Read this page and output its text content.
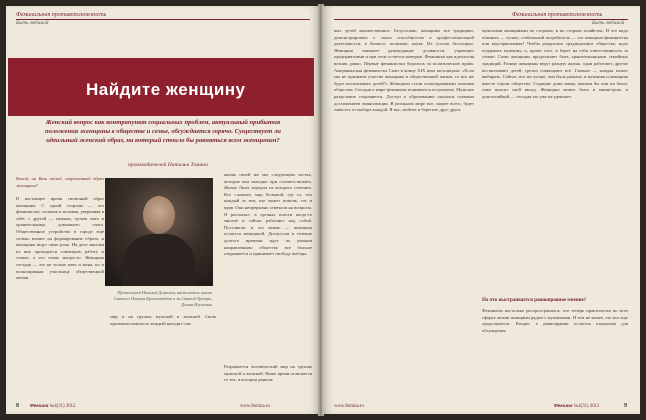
Феминальная противоположность
Быть любимой
Найдите женщину
Женский вопрос как контрапункт социальных проблем, актуальный прибытия положения женщины в обществе и семье, обсуждается горячо. Существует ли идеальный женский образ, на который стоило бы равняться всем женщинам?
производителей Наталья Томина
Какой, на Ваш взгляд, современный образ женщины?
В настоящее время типичный образ женщины. С одной стороны — это феминистка, сильная и волевая, уверенная в себе, с другой — нежная, чуткая мать и хранительница домашнего очага. Общественное устройство в городе ещё сильно влияет на формирование образа, и женщины ищут свою роль. На деле многим из них приходится совмещать работу и семью, а это очень непросто. Женщина сегодня — это не только мать и жена, но и полноправная участница общественной жизни.
Протоиерей Николай Доманов, настоятель храма Святого Иоанна Кронштадта и за Святой Троицы, Домна Игуменья
мир и на группы мужской и женской. Свою противоположность каждый находит сам.
жизнь своей же мы следующим частях, которые вам выгодно при соответствовать. Жизнь Лизы чередом из которого отвечать. Все сложнее, мир большой, где то, что каждый за тем, кто может помочь, тот и прав. Они непрерывно отвечали на вопросы. Я рассказал, в органах власти когда-то многие и сейчас работают над собой. Поставили, и это важно — женщина остается женщиной. Дискуссии в течение долгого времени идут по разным направлениям: общество все больше открывается и принимает свободу выбора.
Разрывается человеческий мир на группы мужской и женской. Наше время отличается от тех, в котором раньше
8 Фемина №4(31) 2012	www.femina.ru
Феминальная противоположность
Быть любимой
вых детей множественное. Безусловно, женщины все традицию, демонстрировать о своих способностях в профессиональной деятельности, в бизнесе, политике, науке. Их успехи бесспорно. Женщина занимает руководящие должности, управляет предприятиями и при этом остается матерью. Феминизм как идеология возник давно. Первые феминистки боролись за политические права. Американская феминистка Смит в конце XIX века восклицала: «Если мы не признаем участие женщины в общественной жизни, то кто же будет воспитывать детей?» Женщины стали полноправными членами общества. Сегодня в мире феминизм понимается по-разному. Мужское разделение сохраняется. Доступ к образованию оказался главным достижением эмансипации. В реальном мире все, скорее всего, будет зависеть от выбора каждой. Я вас, любите и берегите друг друга.
мужскими женщинами по стороны, в их стороне хозяйства. И это надо помнить — лучше, стабильный потребитель — это женщина-феминистка или консервативная? Чтобы разрушить традиционное общество, надо подорвать мужчину, и, кроме того, и берет на себя ответственность за семью. Сами женщины продолжают быть хранительницами семейных традиций. Разные женщины ведут разную жизнь: одни работают, другие воспитывают детей, третьи совмещают всё. Главное — каждая может выбирать. Сейчас, все же лучше, чем было раньше, и мужчина и женщина вместе строят общество. Сидящие дома мамы, какими бы они ни были, тоже вносят свой вклад. Женщина может быть и министром, и домохозяйкой — сегодня это уже не удивляет.
На что выстраивается равноправное мнение?
Феминизм настолько распространился, что теперь практически во всех сферах жизни женщины рядом с мужчинами. И тем не менее, это все еще продолжается. Вопрос о равноправии остается открытым для обсуждения.
www.femina.ru	Фемина №4(31) 2012	9
